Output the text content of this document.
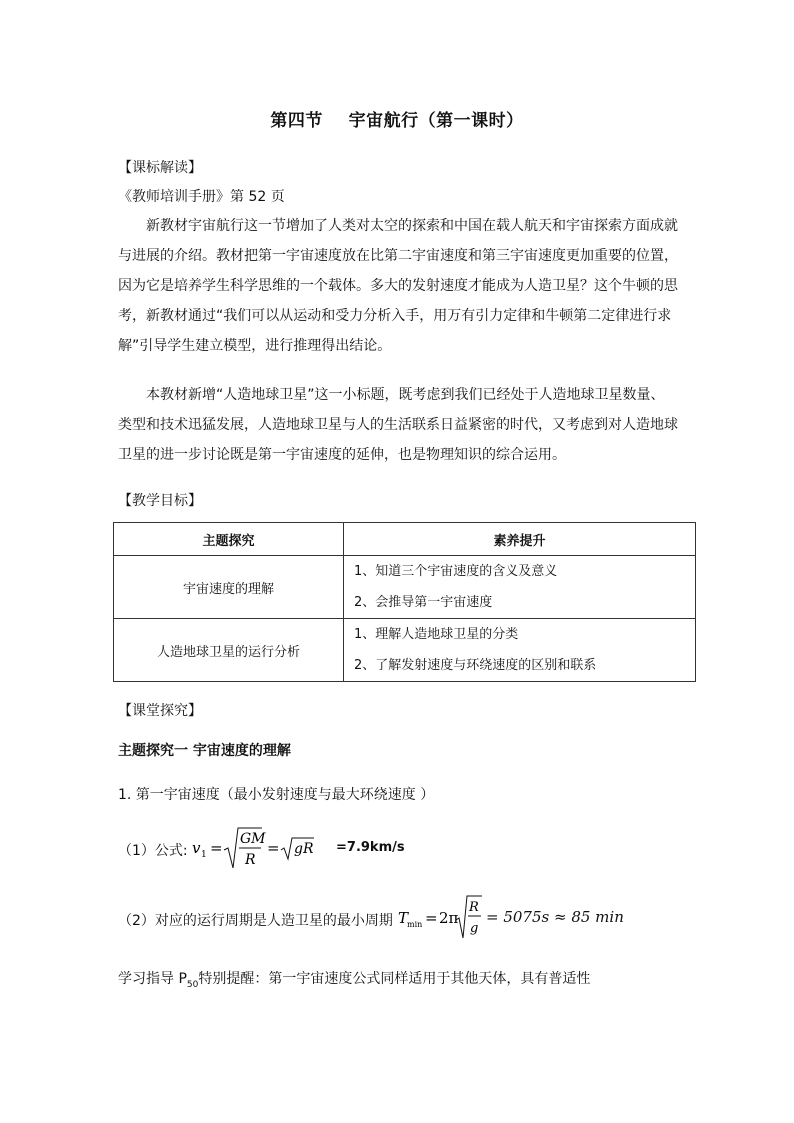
第四节    宇宙航行（第一课时）
【课标解读】
《教师培训手册》第 52 页
新教材宇宙航行这一节增加了人类对太空的探索和中国在载人航天和宇宙探索方面成就与进展的介绍。教材把第一宇宙速度放在比第二宇宙速度和第三宇宙速度更加重要的位置，因为它是培养学生科学思维的一个载体。多大的发射速度才能成为人造卫星？这个牛顿的思考，新教材通过“我们可以从运动和受力分析入手，用万有引力定律和牛顿第二定律进行求解”引导学生建立模型，进行推理得出结论。
本教材新增“人造地球卫星”这一小标题，既考虑到我们已经处于人造地球卫星数量、类型和技术迅猛发展，人造地球卫星与人的生活联系日益紧密的时代，又考虑到对人造地球卫星的进一步讨论既是第一宇宙速度的延伸，也是物理知识的综合运用。
【教学目标】
主题探究	素养提升
宇宙速度的理解	1、知道三个宇宙速度的含义及意义
2、会推导第一宇宙速度

人造地球卫星的运行分析	1、理解人造地球卫星的分类
2、了解发射速度与环绕速度的区别和联系
【课堂探究】
主题探究一 宇宙速度的理解
1. 第一宇宙速度（最小发射速度与最大环绕速度 ）
（1）公式: v 1 = GM
R
= gR =7.9km/s
（2）对应的运行周期是人造卫星的最小周期 T
min = 2π
R
g
= 5075s ≈ 85 min
学习指导 $P_{50}$特别提醒：第一宇宙速度公式同样适用于其他天体，具有普适性
